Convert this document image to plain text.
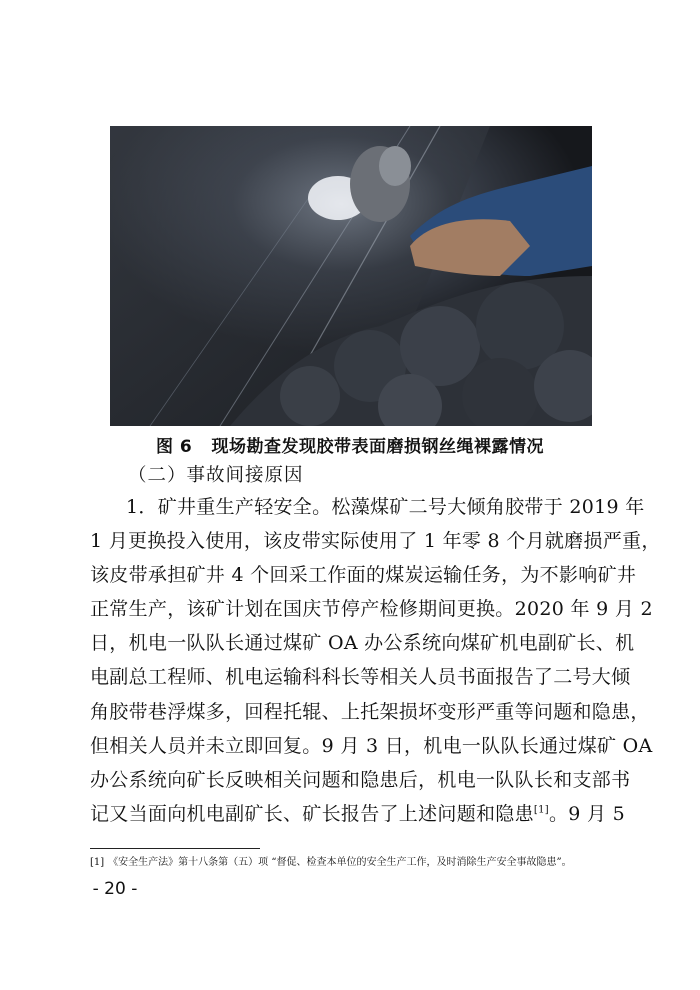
图 6   现场勘查发现胶带表面磨损钢丝绳裸露情况
（二）事故间接原因
1．矿井重生产轻安全。松藻煤矿二号大倾角胶带于 2019 年
1 月更换投入使用，该皮带实际使用了 1 年零 8 个月就磨损严重，
该皮带承担矿井 4 个回采工作面的煤炭运输任务，为不影响矿井
正常生产，该矿计划在国庆节停产检修期间更换。2020 年 9 月 2
日，机电一队队长通过煤矿 OA 办公系统向煤矿机电副矿长、机
电副总工程师、机电运输科科长等相关人员书面报告了二号大倾
角胶带巷浮煤多，回程托辊、上托架损坏变形严重等问题和隐患，
但相关人员并未立即回复。9 月 3 日，机电一队队长通过煤矿 OA
办公系统向矿长反映相关问题和隐患后，机电一队队长和支部书
记又当面向机电副矿长、矿长报告了上述问题和隐患[1]。9 月 5
[1] 《安全生产法》第十八条第（五）项 “督促、检查本单位的安全生产工作，及时消除生产安全事故隐患”。
- 20 -
